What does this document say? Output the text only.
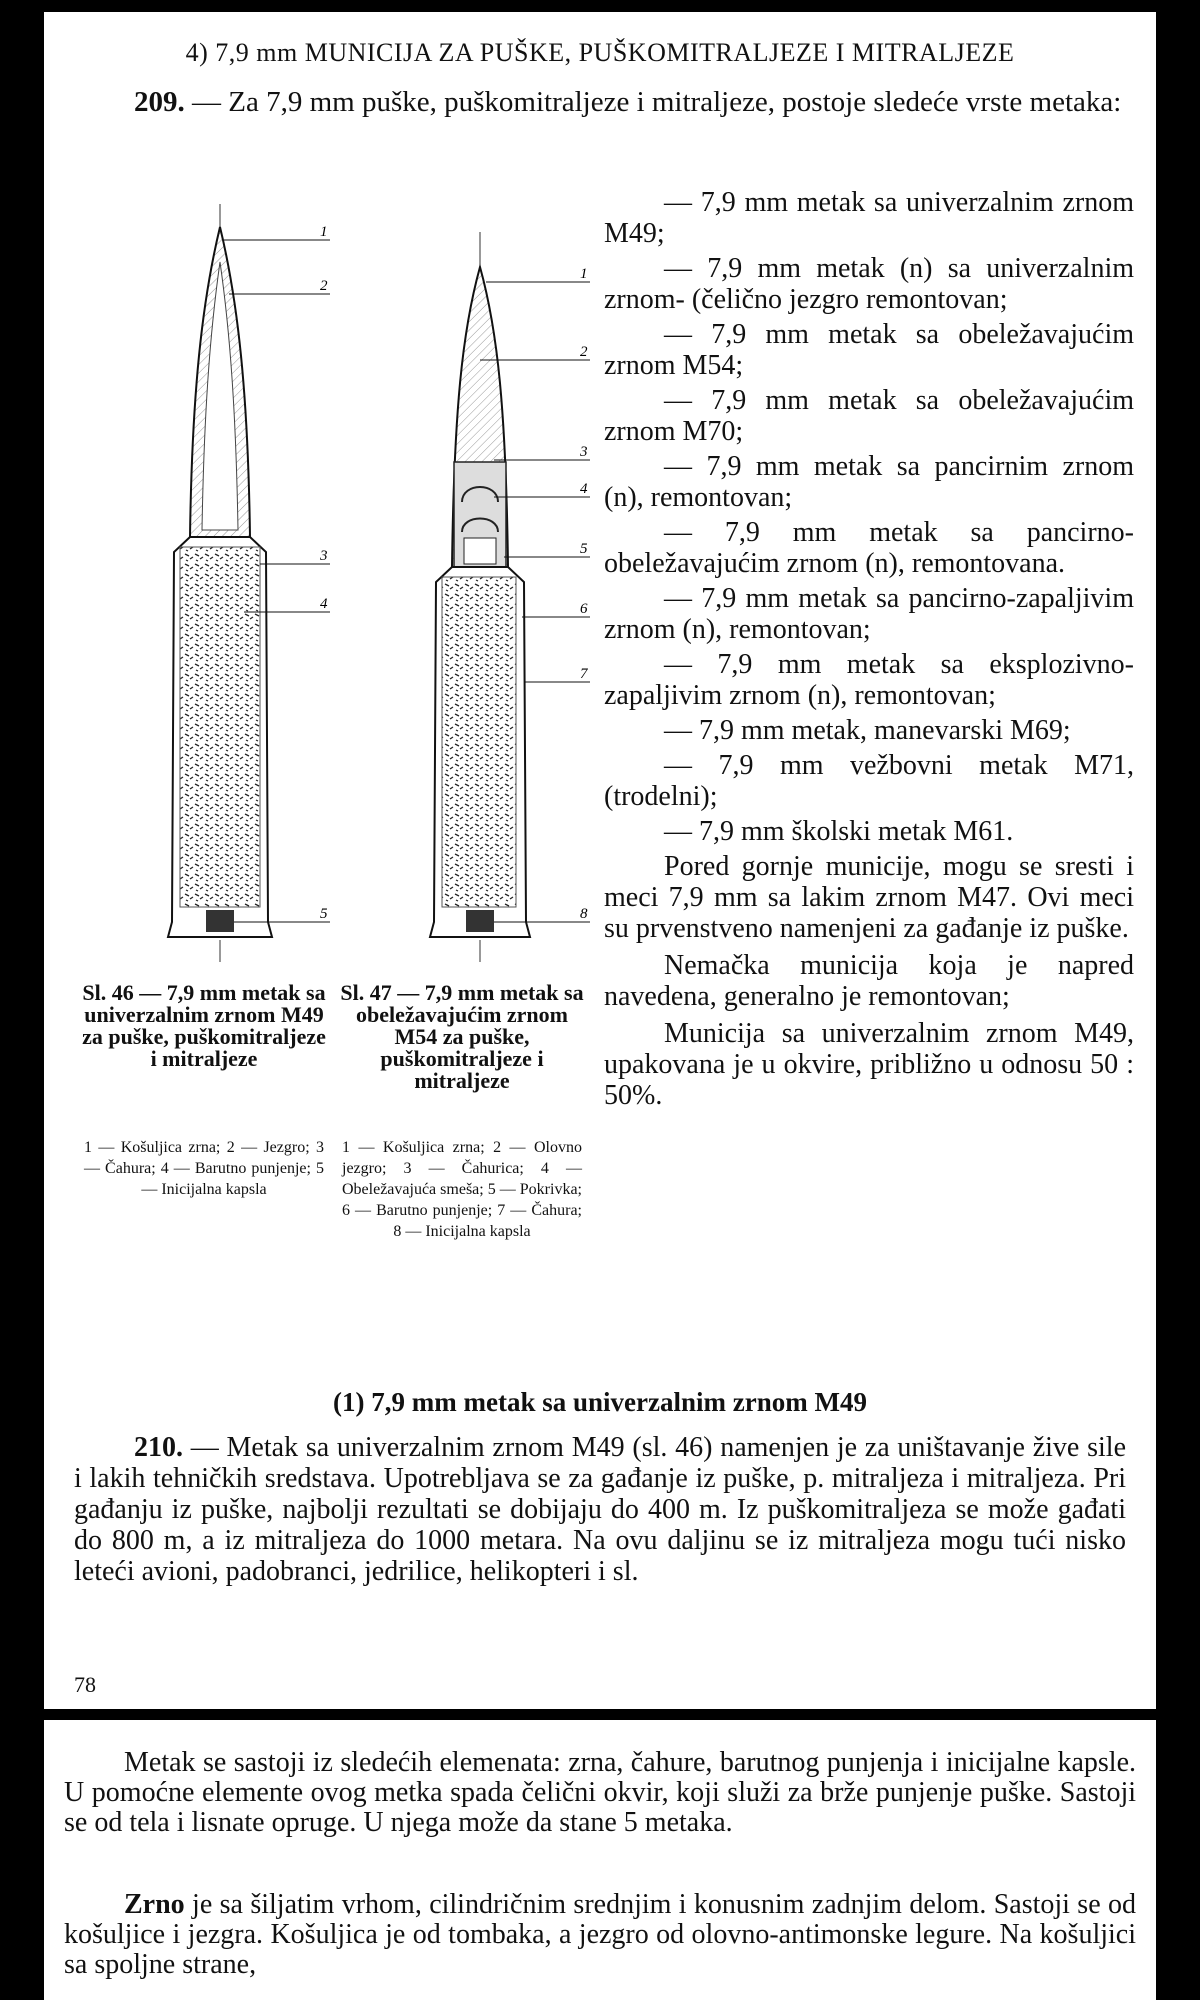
4) 7,9 mm MUNICIJA ZA PUŠKE, PUŠKOMITRALJEZE I MITRALJEZE
209. — Za 7,9 mm puške, puškomitraljeze i mitraljeze, postoje sledeće vrste metaka:
1
2
3
4
5
1
2
3
4
5
6
7
8
Sl. 46 — 7,9 mm metak sa univerzalnim zrnom M49 za puške, puškomitraljeze i mitraljeze
1 — Košuljica zrna; 2 — Jezgro; 3 — Čahura; 4 — Barutno punjenje; 5 — Inicijalna kapsla
Sl. 47 — 7,9 mm metak sa obeležavajućim zrnom M54 za puške, puškomitraljeze i mitraljeze
1 — Košuljica zrna; 2 — Olovno jezgro; 3 — Čahurica; 4 — Obeležavajuća smeša; 5 — Pokrivka; 6 — Barutno punjenje; 7 — Čahura; 8 — Inicijalna kapsla
— 7,9 mm metak sa univerzalnim zrnom M49;
— 7,9 mm metak (n) sa univerzalnim zrnom- (čelično jezgro remontovan;
— 7,9 mm metak sa obeležavajućim zrnom M54;
— 7,9 mm metak sa obeležavajućim zrnom M70;
— 7,9 mm metak sa pancirnim zrnom (n), remontovan;
— 7,9 mm metak sa pancirno-obeležavajućim zrnom (n), remontovana.
— 7,9 mm metak sa pancirno-zapaljivim zrnom (n), remontovan;
— 7,9 mm metak sa eksplozivno-zapaljivim zrnom (n), remontovan;
— 7,9 mm metak, manevarski M69;
— 7,9 mm vežbovni metak M71, (trodelni);
— 7,9 mm školski metak M61.
Pored gornje municije, mogu se sresti i meci 7,9 mm sa lakim zrnom M47. Ovi meci su prvenstveno namenjeni za gađanje iz puške.
Nemačka municija koja je napred navedena, generalno je remontovan;
Municija sa univerzalnim zrnom M49, upakovana je u okvire, približno u odnosu 50 : 50%.
(1) 7,9 mm metak sa univerzalnim zrnom M49
210. — Metak sa univerzalnim zrnom M49 (sl. 46) namenjen je za uništavanje žive sile i lakih tehničkih sredstava. Upotrebljava se za gađanje iz puške, p. mitraljeza i mitraljeza. Pri gađanju iz puške, najbolji rezultati se dobijaju do 400 m. Iz puškomitraljeza se može gađati do 800 m, a iz mitraljeza do 1000 metara. Na ovu daljinu se iz mitraljeza mogu tući nisko leteći avioni, padobranci, jedrilice, helikopteri i sl.
78
Metak se sastoji iz sledećih elemenata: zrna, čahure, barutnog punjenja i inicijalne kapsle. U pomoćne elemente ovog metka spada čelični okvir, koji služi za brže punjenje puške. Sastoji se od tela i lisnate opruge. U njega može da stane 5 metaka.
Zrno je sa šiljatim vrhom, cilindričnim srednjim i konusnim zadnjim delom. Sastoji se od košuljice i jezgra. Košuljica je od tombaka, a jezgro od olovno-antimonske legure. Na košuljici sa spoljne strane,
